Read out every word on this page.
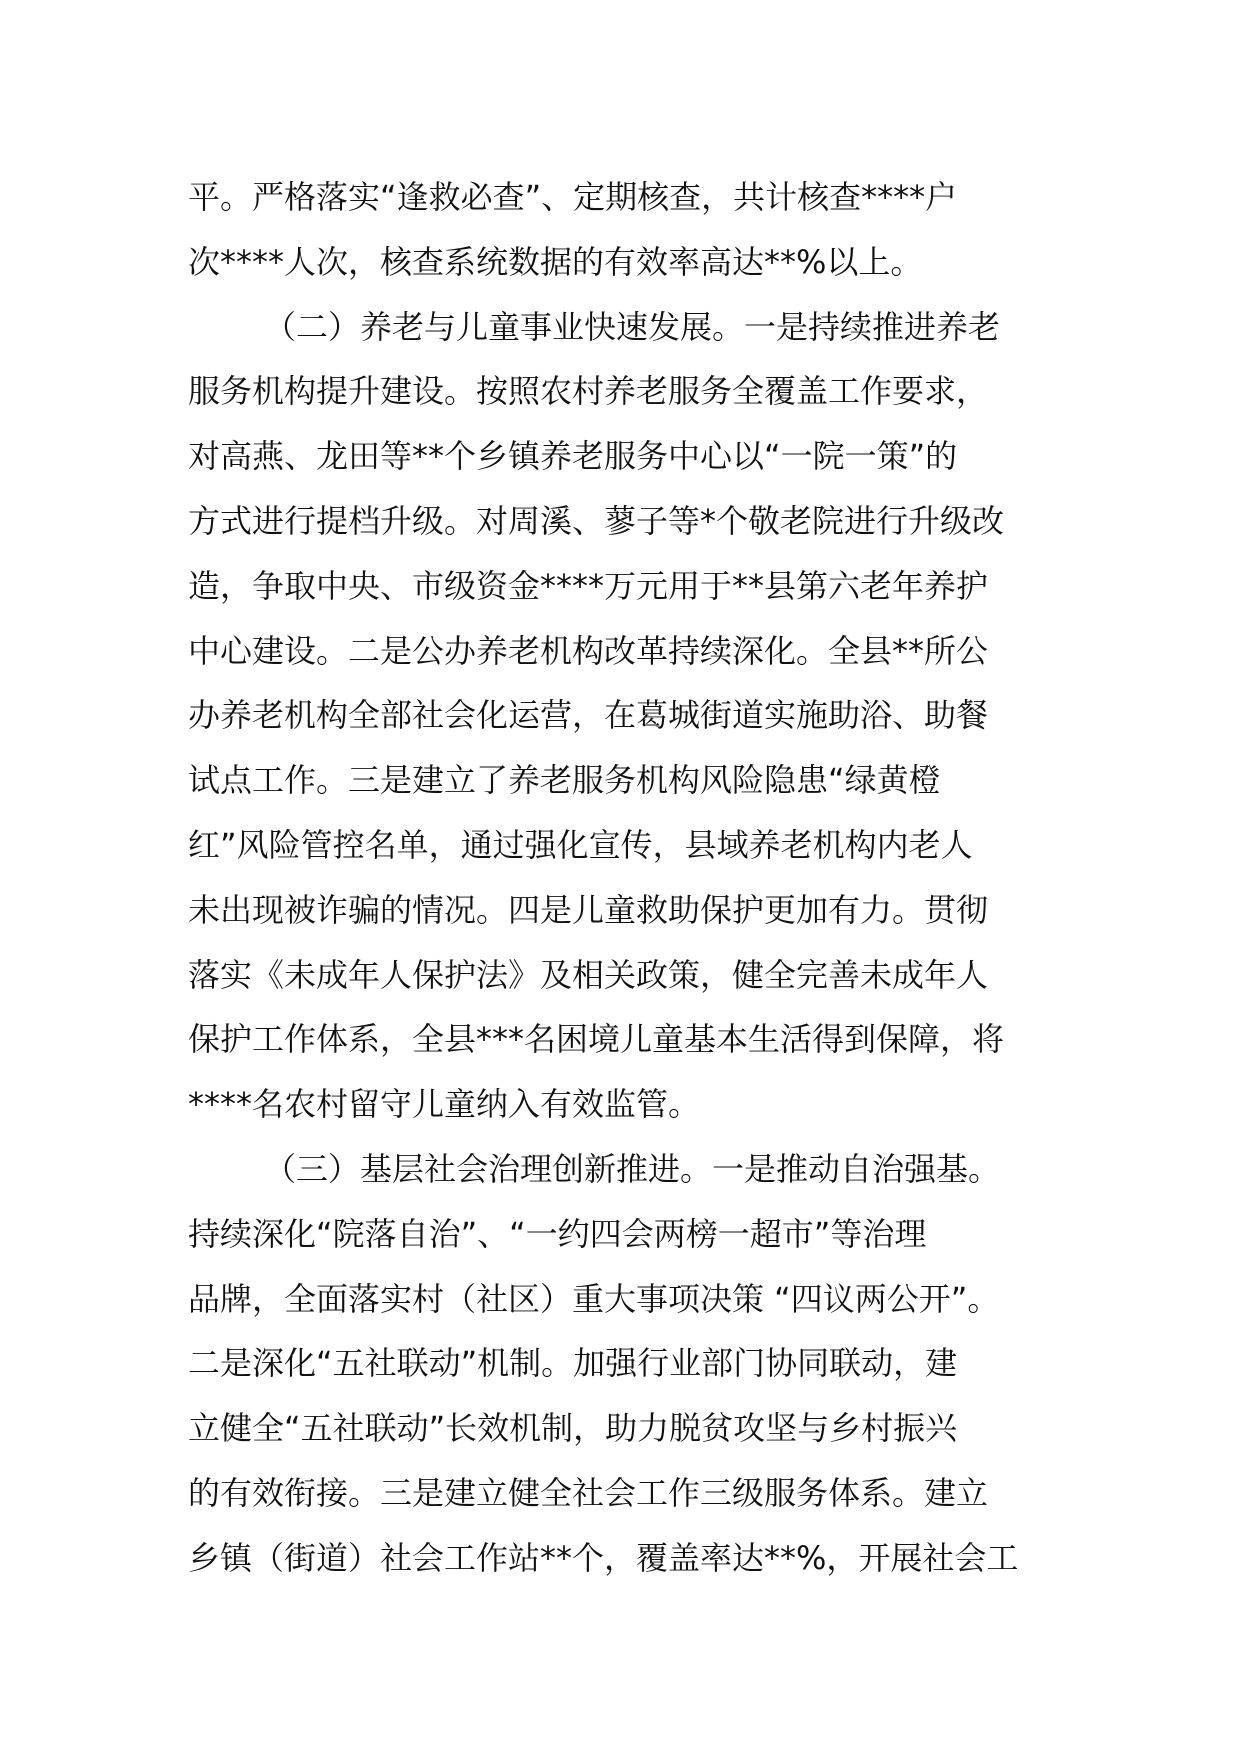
平。严格落实“逢救必查”、定期核查，共计核查****户
次****人次，核查系统数据的有效率高达**%以上。
（二）养老与儿童事业快速发展。一是持续推进养老
服务机构提升建设。按照农村养老服务全覆盖工作要求，
对高燕、龙田等**个乡镇养老服务中心以“一院一策”的
方式进行提档升级。对周溪、蓼子等*个敬老院进行升级改
造，争取中央、市级资金****万元用于**县第六老年养护
中心建设。二是公办养老机构改革持续深化。全县**所公
办养老机构全部社会化运营，在葛城街道实施助浴、助餐
试点工作。三是建立了养老服务机构风险隐患“绿黄橙
红”风险管控名单，通过强化宣传，县域养老机构内老人
未出现被诈骗的情况。四是儿童救助保护更加有力。贯彻
落实《未成年人保护法》及相关政策，健全完善未成年人
保护工作体系，全县***名困境儿童基本生活得到保障，将
****名农村留守儿童纳入有效监管。
（三）基层社会治理创新推进。一是推动自治强基。
持续深化“院落自治”、“一约四会两榜一超市”等治理
品牌，全面落实村（社区）重大事项决策 “四议两公开”。
二是深化“五社联动”机制。加强行业部门协同联动，建
立健全“五社联动”长效机制，助力脱贫攻坚与乡村振兴
的有效衔接。三是建立健全社会工作三级服务体系。建立
乡镇（街道）社会工作站**个，覆盖率达**%，开展社会工
